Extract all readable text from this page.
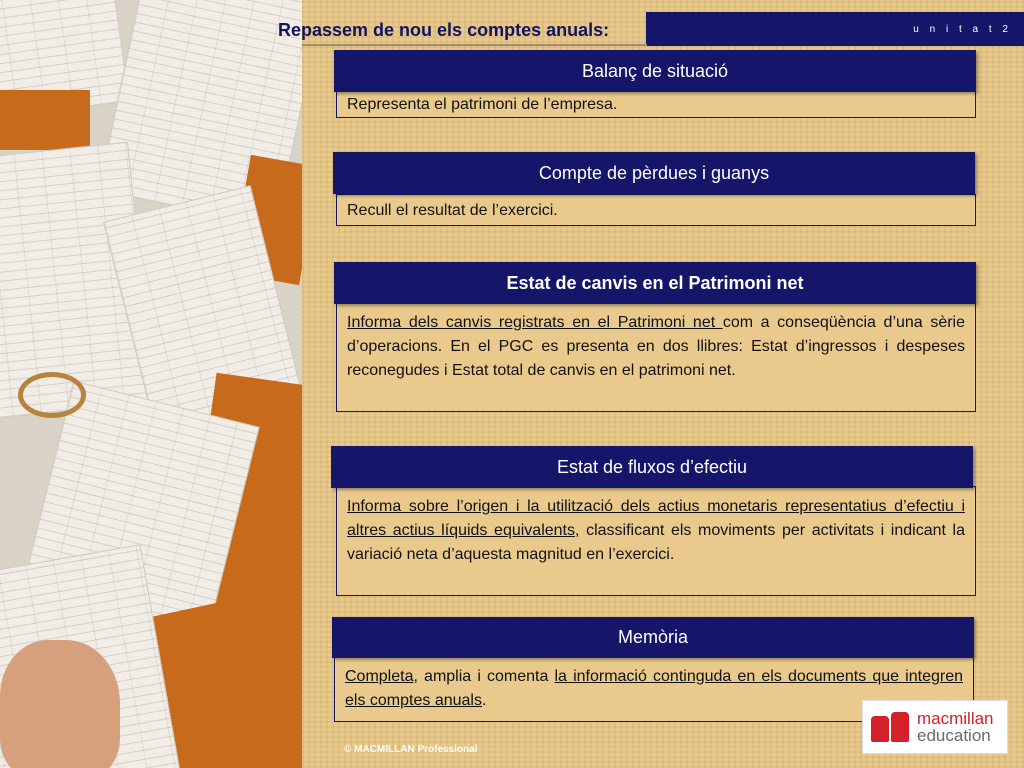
u n i t a t 2
Repassem de nou els comptes anuals:
Representa el patrimoni de l’empresa.
Balanç de situació
Recull el resultat de l’exercici.
Compte de pèrdues i guanys
Informa dels canvis registrats en el Patrimoni net com a conseqüència d’una sèrie d’operacions. En el PGC es presenta en dos llibres: Estat d’ingressos i despeses reconegudes i Estat total de canvis en el patrimoni net.
Estat de canvis en el Patrimoni net
Informa sobre l’origen i la utilització dels actius monetaris representatius d’efectiu i altres actius líquids equivalents, classificant els moviments per activitats i indicant la variació neta d’aquesta magnitud en l’exercici.
Estat de fluxos d’efectiu
Completa, amplia i comenta la informació continguda en els documents que integren els comptes anuals.
Memòria
© MACMILLAN Professional
macmillan
education
